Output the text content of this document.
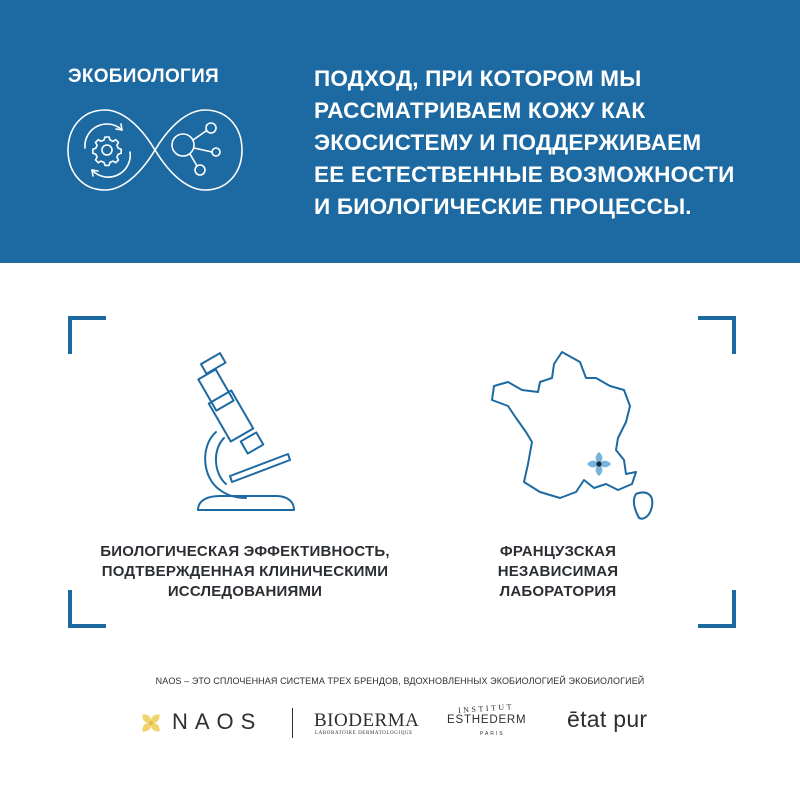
ЭКОБИОЛОГИЯ	ПОДХОД, ПРИ КОТОРОМ МЫ
РАССМАТРИВАЕМ КОЖУ КАК
ЭКОСИСТЕМУ И ПОДДЕРЖИВАЕМ
ЕЕ ЕСТЕСТВЕННЫЕ ВОЗМОЖНОСТИ
И БИОЛОГИЧЕСКИЕ ПРОЦЕССЫ.
БИОЛОГИЧЕСКАЯ ЭФФЕКТИВНОСТЬ,
ПОДТВЕРЖДЕННАЯ КЛИНИЧЕСКИМИ
ИССЛЕДОВАНИЯМИ
ФРАНЦУЗСКАЯ
НЕЗАВИСИМАЯ
ЛАБОРАТОРИЯ
NAOS – ЭТО СПЛОЧЕННАЯ СИСТЕМА ТРЕХ БРЕНДОВ, ВДОХНОВЛЕННЫХ ЭКОБИОЛОГИЕЙ ЭКОБИОЛОГИЕЙ
NAOS	BIODERMA
LABORATOIRE DERMATOLOGIQUE
INSTITUT
ESTHEDERM
PARIS
ētat pur
